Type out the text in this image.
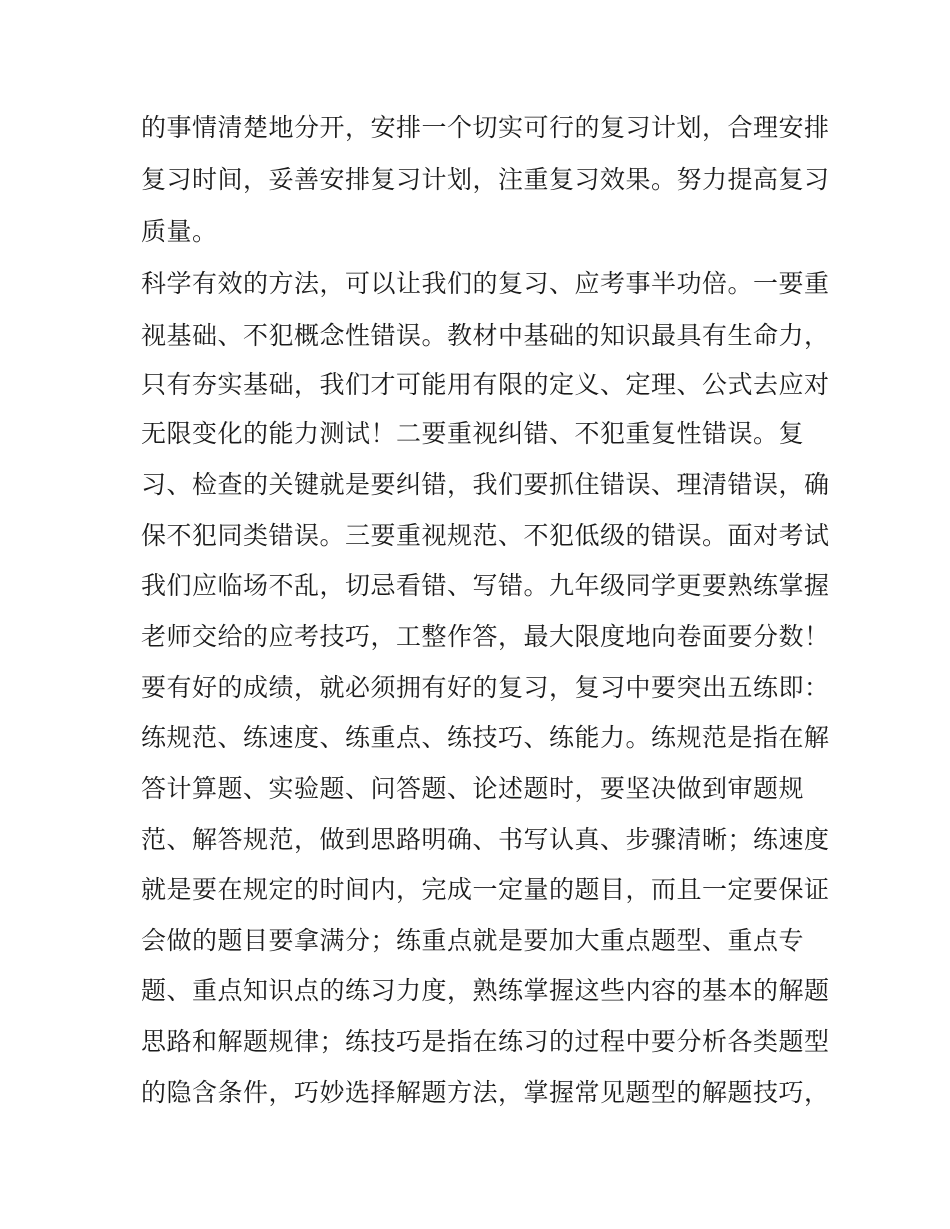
的事情清楚地分开，安排一个切实可行的复习计划，合理安排
复习时间，妥善安排复习计划，注重复习效果。努力提高复习
质量。
科学有效的方法，可以让我们的复习、应考事半功倍。一要重
视基础、不犯概念性错误。教材中基础的知识最具有生命力，
只有夯实基础，我们才可能用有限的定义、定理、公式去应对
无限变化的能力测试！二要重视纠错、不犯重复性错误。复
习、检查的关键就是要纠错，我们要抓住错误、理清错误，确
保不犯同类错误。三要重视规范、不犯低级的错误。面对考试
我们应临场不乱，切忌看错、写错。九年级同学更要熟练掌握
老师交给的应考技巧，工整作答，最大限度地向卷面要分数！
要有好的成绩，就必须拥有好的复习，复习中要突出五练即：
练规范、练速度、练重点、练技巧、练能力。练规范是指在解
答计算题、实验题、问答题、论述题时，要坚决做到审题规
范、解答规范，做到思路明确、书写认真、步骤清晰；练速度
就是要在规定的时间内，完成一定量的题目，而且一定要保证
会做的题目要拿满分；练重点就是要加大重点题型、重点专
题、重点知识点的练习力度，熟练掌握这些内容的基本的解题
思路和解题规律；练技巧是指在练习的过程中要分析各类题型
的隐含条件，巧妙选择解题方法，掌握常见题型的解题技巧，
